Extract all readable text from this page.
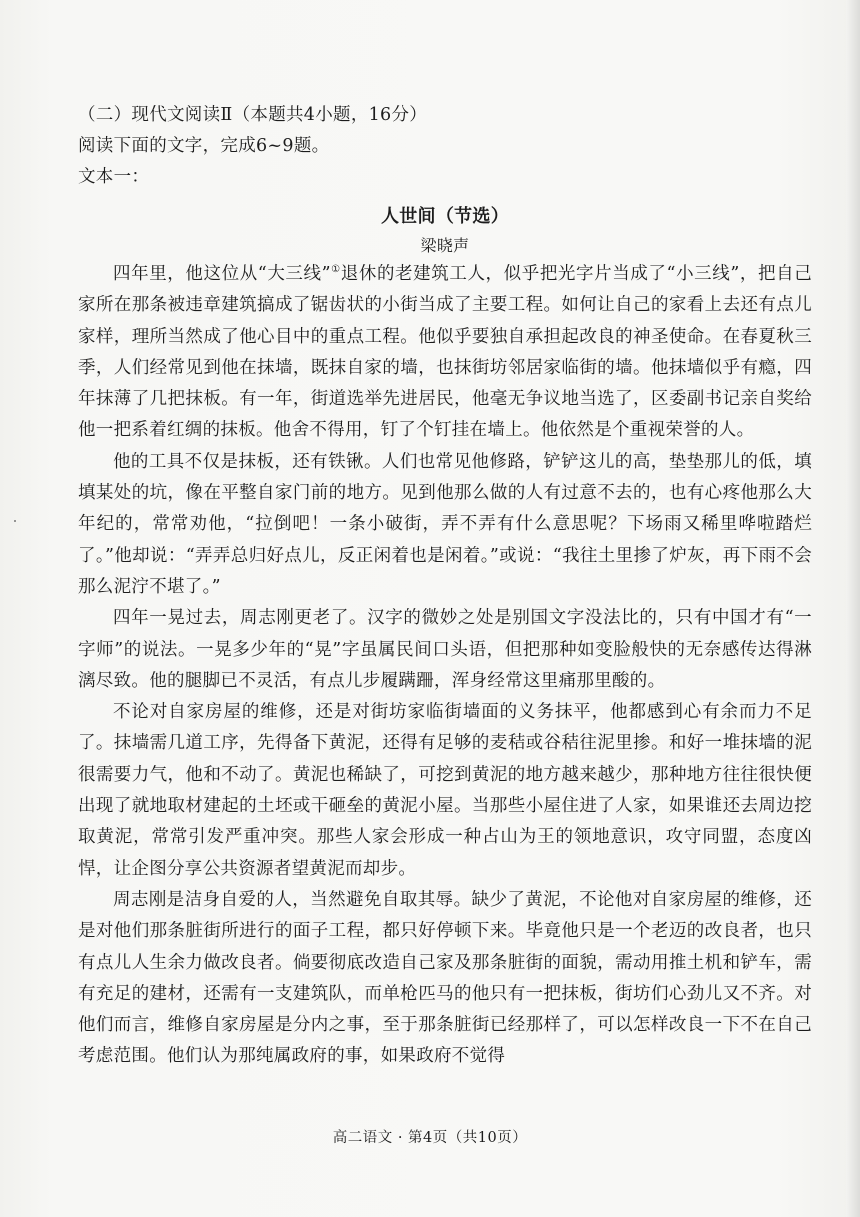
（二）现代文阅读Ⅱ（本题共4小题，16分）
阅读下面的文字，完成6~9题。
文本一：
人世间（节选）
梁晓声

四年里，他这位从“大三线”①退休的老建筑工人，似乎把光字片当成了“小三线”，把自己家所在那条被违章建筑搞成了锯齿状的小街当成了主要工程。如何让自己的家看上去还有点儿家样，理所当然成了他心目中的重点工程。他似乎要独自承担起改良的神圣使命。在春夏秋三季，人们经常见到他在抹墙，既抹自家的墙，也抹街坊邻居家临街的墙。他抹墙似乎有瘾，四年抹薄了几把抹板。有一年，街道选举先进居民，他毫无争议地当选了，区委副书记亲自奖给他一把系着红绸的抹板。他舍不得用，钉了个钉挂在墙上。他依然是个重视荣誉的人。

他的工具不仅是抹板，还有铁锹。人们也常见他修路，铲铲这儿的高，垫垫那儿的低，填填某处的坑，像在平整自家门前的地方。见到他那么做的人有过意不去的，也有心疼他那么大年纪的，常常劝他，“拉倒吧！一条小破街，弄不弄有什么意思呢？下场雨又稀里哗啦踏烂了。”他却说：“弄弄总归好点儿，反正闲着也是闲着。”或说：“我往土里掺了炉灰，再下雨不会那么泥泞不堪了。”

四年一晃过去，周志刚更老了。汉字的微妙之处是别国文字没法比的，只有中国才有“一字师”的说法。一晃多少年的“晃”字虽属民间口头语，但把那种如变脸般快的无奈感传达得淋漓尽致。他的腿脚已不灵活，有点儿步履蹒跚，浑身经常这里痛那里酸的。

不论对自家房屋的维修，还是对街坊家临街墙面的义务抹平，他都感到心有余而力不足了。抹墙需几道工序，先得备下黄泥，还得有足够的麦秸或谷秸往泥里掺。和好一堆抹墙的泥很需要力气，他和不动了。黄泥也稀缺了，可挖到黄泥的地方越来越少，那种地方往往很快便出现了就地取材建起的土坯或干砸垒的黄泥小屋。当那些小屋住进了人家，如果谁还去周边挖取黄泥，常常引发严重冲突。那些人家会形成一种占山为王的领地意识，攻守同盟，态度凶悍，让企图分享公共资源者望黄泥而却步。

周志刚是洁身自爱的人，当然避免自取其辱。缺少了黄泥，不论他对自家房屋的维修，还是对他们那条脏街所进行的面子工程，都只好停顿下来。毕竟他只是一个老迈的改良者，也只有点儿人生余力做改良者。倘要彻底改造自己家及那条脏街的面貌，需动用推土机和铲车，需有充足的建材，还需有一支建筑队，而单枪匹马的他只有一把抹板，街坊们心劲儿又不齐。对他们而言，维修自家房屋是分内之事，至于那条脏街已经那样了，可以怎样改良一下不在自己考虑范围。他们认为那纯属政府的事，如果政府不觉得

高二语文 · 第4页（共10页）
